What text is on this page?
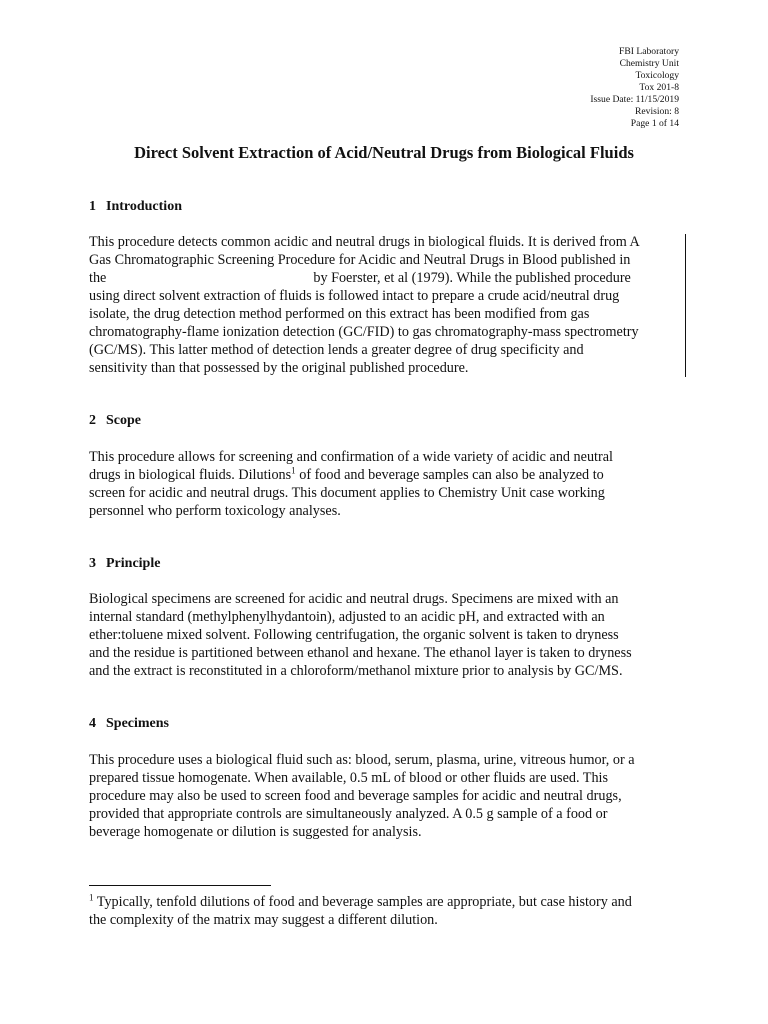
FBI Laboratory
Chemistry Unit
Toxicology
Tox 201-8
Issue Date: 11/15/2019
Revision: 8
Page 1 of 14
Direct Solvent Extraction of Acid/Neutral Drugs from Biological Fluids
1 Introduction
This procedure detects common acidic and neutral drugs in biological fluids. It is derived from A
Gas Chromatographic Screening Procedure for Acidic and Neutral Drugs in Blood published in
the	by Foerster, et al (1979). While the published procedure
using direct solvent extraction of fluids is followed intact to prepare a crude acid/neutral drug
isolate, the drug detection method performed on this extract has been modified from gas
chromatography-flame ionization detection (GC/FID) to gas chromatography-mass spectrometry
(GC/MS). This latter method of detection lends a greater degree of drug specificity and
sensitivity than that possessed by the original published procedure.
2 Scope
This procedure allows for screening and confirmation of a wide variety of acidic and neutral
drugs in biological fluids. Dilutions$^1$ of food and beverage samples can also be analyzed to
screen for acidic and neutral drugs. This document applies to Chemistry Unit case working
personnel who perform toxicology analyses.
3 Principle
Biological specimens are screened for acidic and neutral drugs. Specimens are mixed with an
internal standard (methylphenylhydantoin), adjusted to an acidic pH, and extracted with an
ether:toluene mixed solvent. Following centrifugation, the organic solvent is taken to dryness
and the residue is partitioned between ethanol and hexane. The ethanol layer is taken to dryness
and the extract is reconstituted in a chloroform/methanol mixture prior to analysis by GC/MS.
4 Specimens
This procedure uses a biological fluid such as: blood, serum, plasma, urine, vitreous humor, or a
prepared tissue homogenate. When available, 0.5 mL of blood or other fluids are used. This
procedure may also be used to screen food and beverage samples for acidic and neutral drugs,
provided that appropriate controls are simultaneously analyzed. A 0.5 g sample of a food or
beverage homogenate or dilution is suggested for analysis.
$^1$ Typically, tenfold dilutions of food and beverage samples are appropriate, but case history and
the complexity of the matrix may suggest a different dilution.
